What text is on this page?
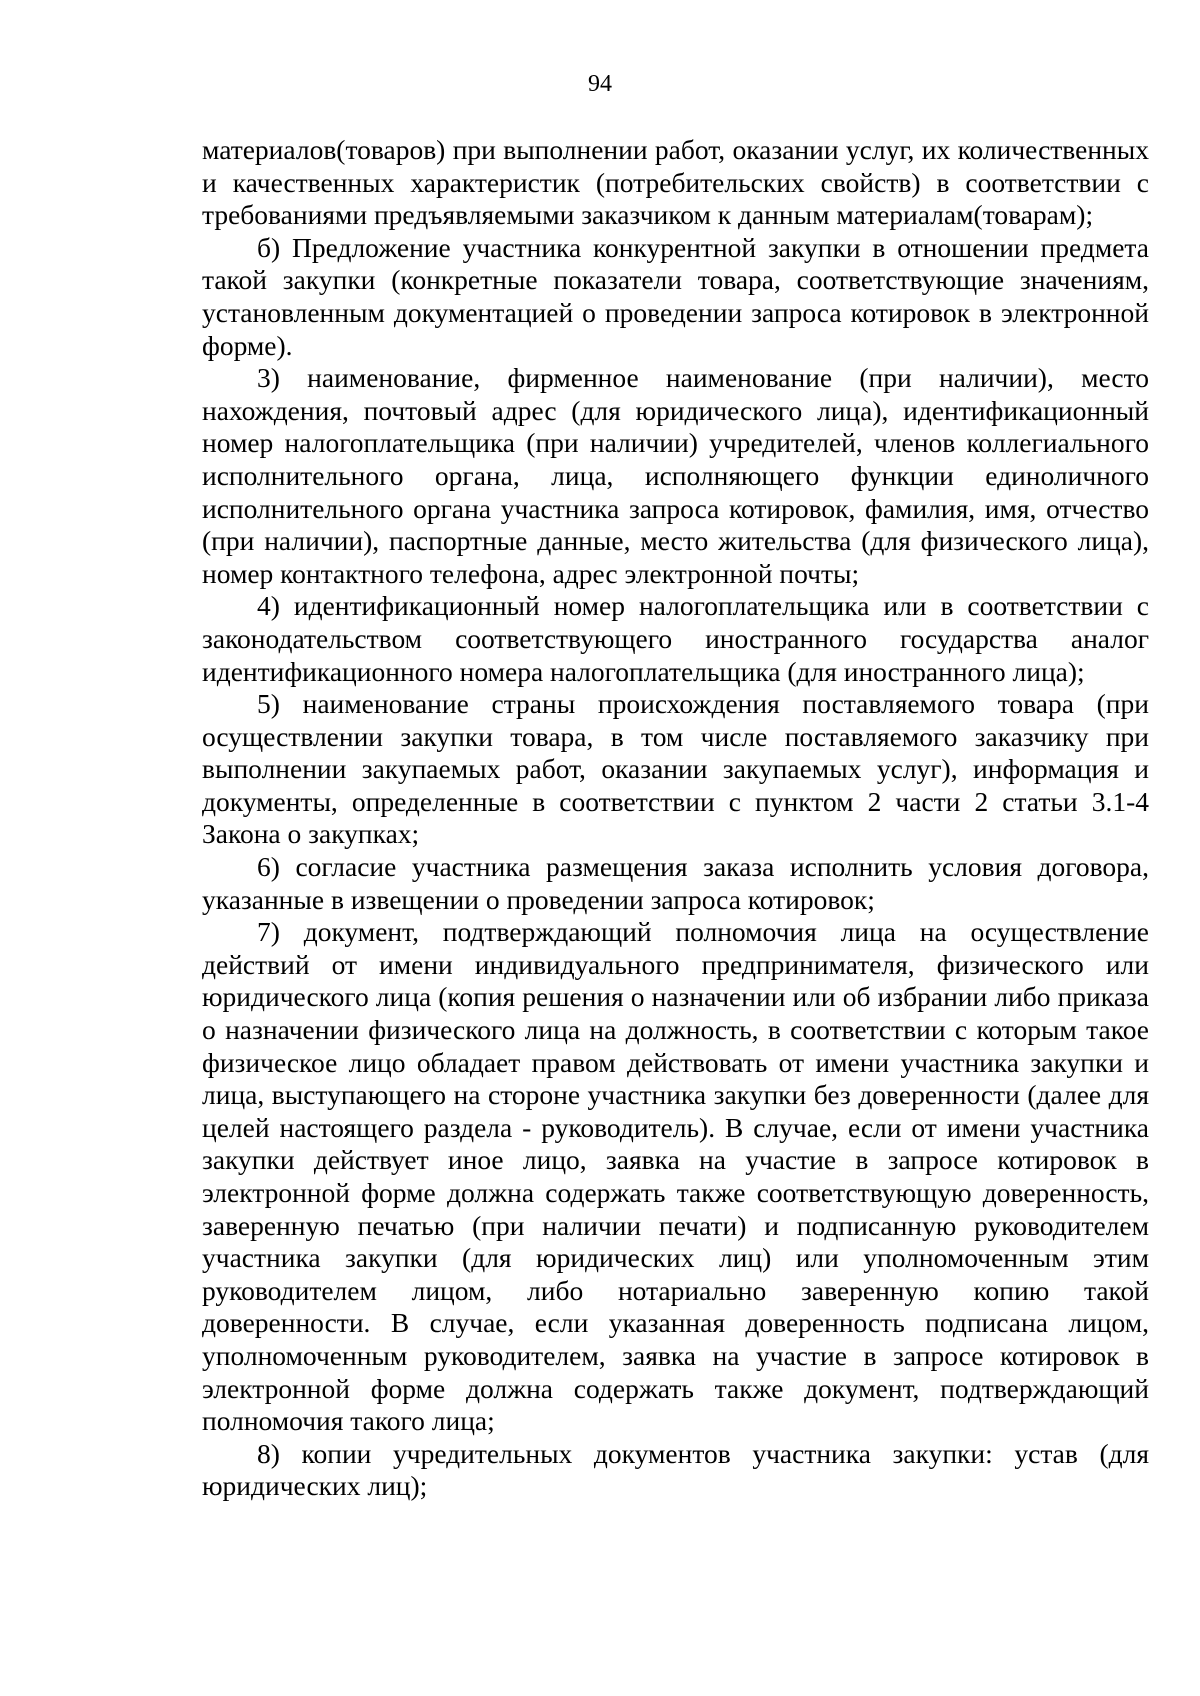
94

материалов(товаров) при выполнении работ, оказании услуг, их количественных и качественных характеристик (потребительских свойств) в соответствии с требованиями предъявляемыми заказчиком к данным материалам(товарам);

б) Предложение участника конкурентной закупки в отношении предмета такой закупки (конкретные показатели товара, соответствующие значениям, установленным документацией о проведении запроса котировок в электронной форме).

3) наименование, фирменное наименование (при наличии), место нахождения, почтовый адрес (для юридического лица), идентификационный номер налогоплательщика (при наличии) учредителей, членов коллегиального исполнительного органа, лица, исполняющего функции единоличного исполнительного органа участника запроса котировок, фамилия, имя, отчество (при наличии), паспортные данные, место жительства (для физического лица), номер контактного телефона, адрес электронной почты;

4) идентификационный номер налогоплательщика или в соответствии с законодательством соответствующего иностранного государства аналог идентификационного номера налогоплательщика (для иностранного лица);

5) наименование страны происхождения поставляемого товара (при осуществлении закупки товара, в том числе поставляемого заказчику при выполнении закупаемых работ, оказании закупаемых услуг), информация и документы, определенные в соответствии с пунктом 2 части 2 статьи 3.1-4 Закона о закупках;

6) согласие участника размещения заказа исполнить условия договора, указанные в извещении о проведении запроса котировок;

7) документ, подтверждающий полномочия лица на осуществление действий от имени индивидуального предпринимателя, физического или юридического лица (копия решения о назначении или об избрании либо приказа о назначении физического лица на должность, в соответствии с которым такое физическое лицо обладает правом действовать от имени участника закупки и лица, выступающего на стороне участника закупки без доверенности (далее для целей настоящего раздела - руководитель). В случае, если от имени участника закупки действует иное лицо, заявка на участие в запросе котировок в электронной форме должна содержать также соответствующую доверенность, заверенную печатью (при наличии печати) и подписанную руководителем участника закупки (для юридических лиц) или уполномоченным этим руководителем лицом, либо нотариально заверенную копию такой доверенности. В случае, если указанная доверенность подписана лицом, уполномоченным руководителем, заявка на участие в запросе котировок в электронной форме должна содержать также документ, подтверждающий полномочия такого лица;

8) копии учредительных документов участника закупки: устав (для юридических лиц);
